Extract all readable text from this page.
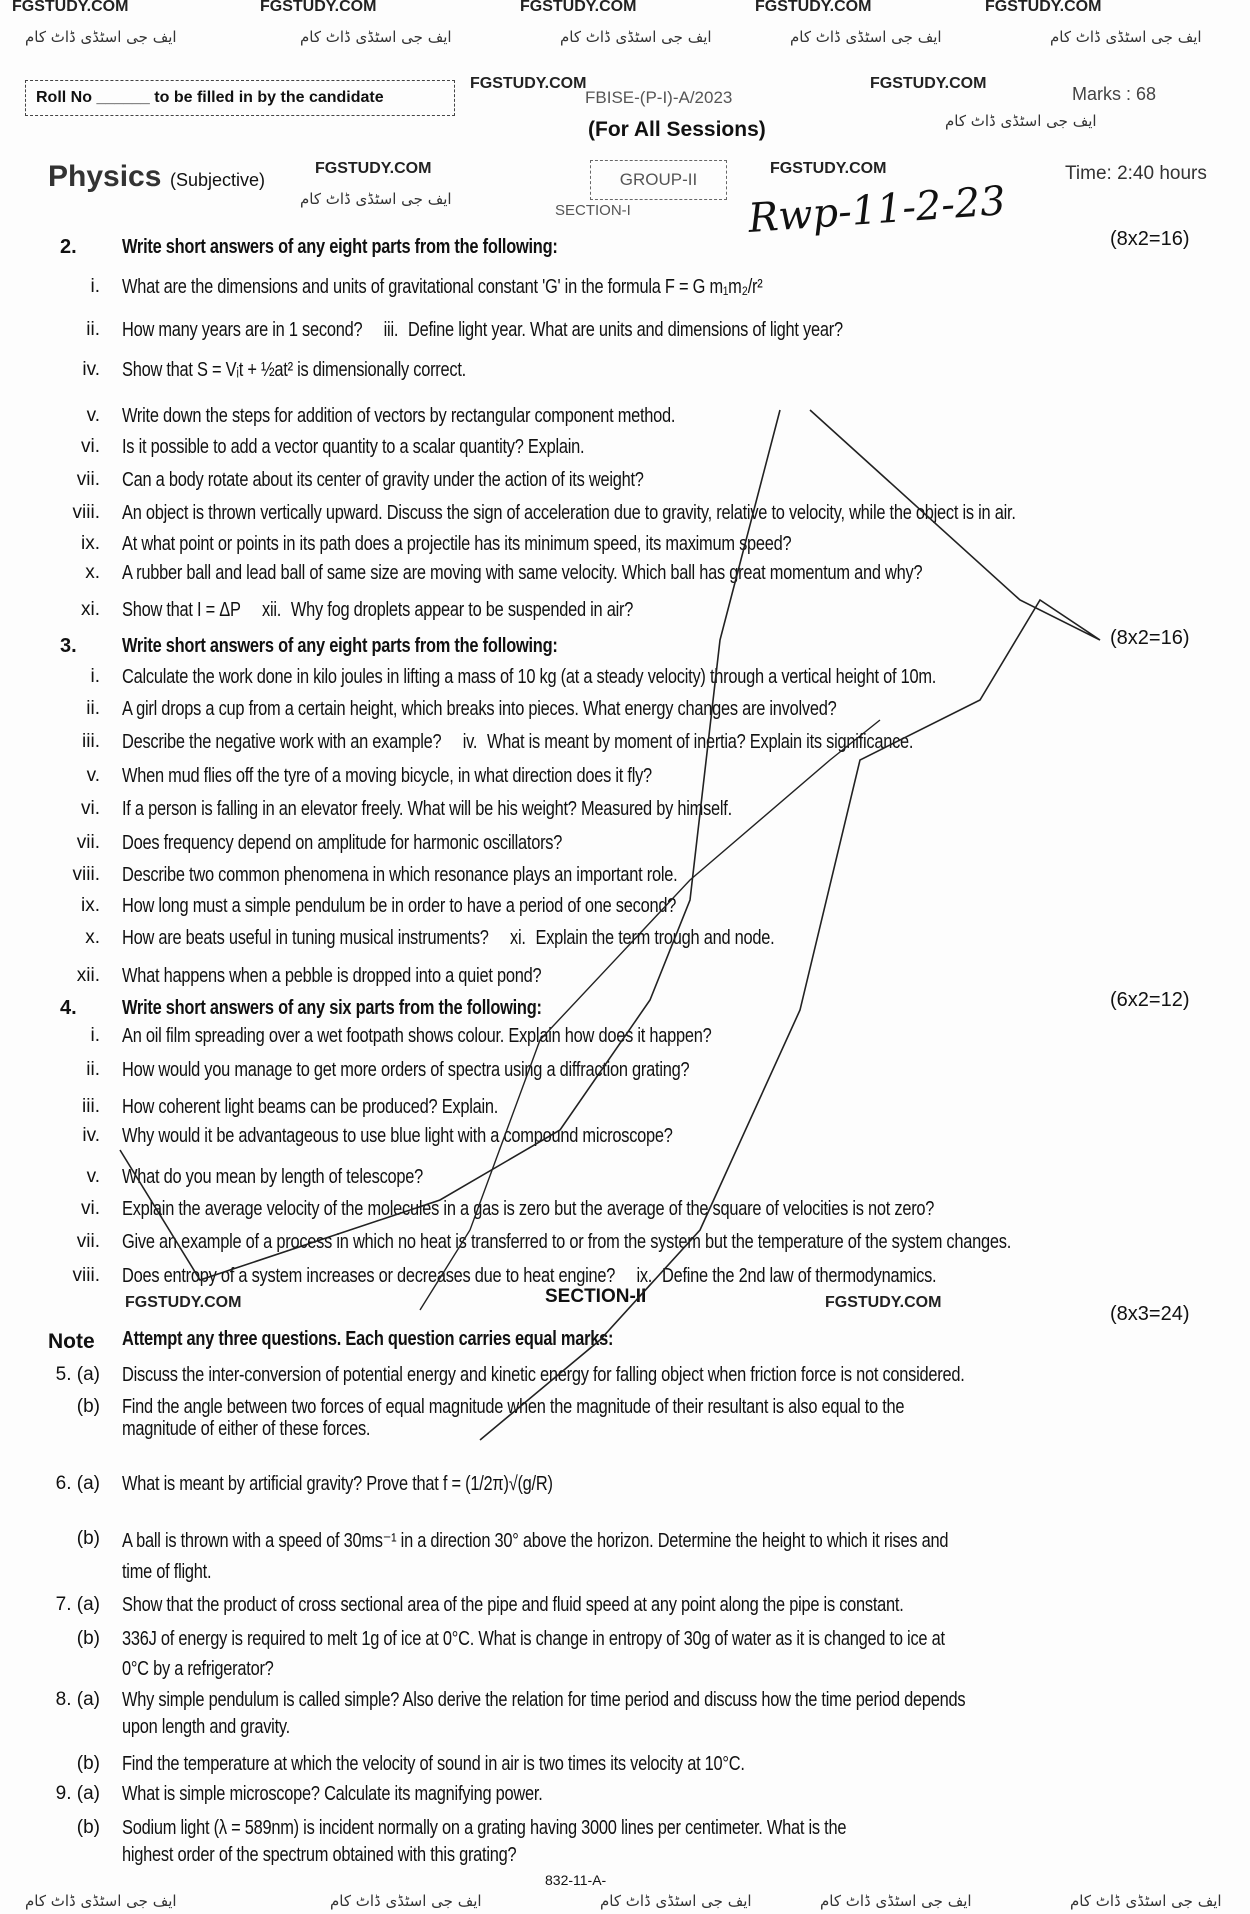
FGSTUDY.COM	FGSTUDY.COM	FGSTUDY.COM	FGSTUDY.COM	FGSTUDY.COM
ایف جی اسٹڈی ڈاٹ کام	ایف جی اسٹڈی ڈاٹ کام	ایف جی اسٹڈی ڈاٹ کام	ایف جی اسٹڈی ڈاٹ کام	ایف جی اسٹڈی ڈاٹ کام
Roll No ______ to be filled in by the candidate	FBISE-(P-I)-A/2023
(For All Sessions)
FGSTUDY.COM	FGSTUDY.COM
ایف جی اسٹڈی ڈاٹ کام
Marks : 68
Physics (Subjective)
FGSTUDY.COM
ایف جی اسٹڈی ڈاٹ کام
GROUP-II
FGSTUDY.COM	Time: 2:40 hours
SECTION-I	Rwp-11-2-23
2. Write short answers of any eight parts from the following:	(8x2=16)
i. What are the dimensions and units of gravitational constant 'G' in the formula F = G m₁m₂/r²
ii. How many years are in 1 second? iii. Define light year. What are units and dimensions of light year?
iv. Show that S = Vᵢt + ½at² is dimensionally correct.
v. Write down the steps for addition of vectors by rectangular component method.
vi. Is it possible to add a vector quantity to a scalar quantity? Explain.
vii. Can a body rotate about its center of gravity under the action of its weight?
viii. An object is thrown vertically upward. Discuss the sign of acceleration due to gravity, relative to velocity, while the object is in air.
ix. At what point or points in its path does a projectile has its minimum speed, its maximum speed?
x. A rubber ball and lead ball of same size are moving with same velocity. Which ball has great momentum and why?
xi. Show that I = ΔP xii. Why fog droplets appear to be suspended in air?
3. Write short answers of any eight parts from the following:	(8x2=16)
i. Calculate the work done in kilo joules in lifting a mass of 10 kg (at a steady velocity) through a vertical height of 10m.
ii. A girl drops a cup from a certain height, which breaks into pieces. What energy changes are involved?
iii. Describe the negative work with an example? iv. What is meant by moment of inertia? Explain its significance.
v. When mud flies off the tyre of a moving bicycle, in what direction does it fly?
vi. If a person is falling in an elevator freely. What will be his weight? Measured by himself.
vii. Does frequency depend on amplitude for harmonic oscillators?
viii. Describe two common phenomena in which resonance plays an important role.
ix. How long must a simple pendulum be in order to have a period of one second?
x. How are beats useful in tuning musical instruments? xi. Explain the term trough and node.
xii. What happens when a pebble is dropped into a quiet pond?
4. Write short answers of any six parts from the following:	(6x2=12)
i. An oil film spreading over a wet footpath shows colour. Explain how does it happen?
ii. How would you manage to get more orders of spectra using a diffraction grating?
iii. How coherent light beams can be produced? Explain.
iv. Why would it be advantageous to use blue light with a compound microscope?
v. What do you mean by length of telescope?
vi. Explain the average velocity of the molecules in a gas is zero but the average of the square of velocities is not zero?
vii. Give an example of a process in which no heat is transferred to or from the system but the temperature of the system changes.
viii. Does entropy of a system increases or decreases due to heat engine? ix. Define the 2nd law of thermodynamics.
FGSTUDY.COM	FGSTUDY.COM
SECTION-II
Note Attempt any three questions. Each question carries equal marks:
(8x3=24)
5. (a) Discuss the inter-conversion of potential energy and kinetic energy for falling object when friction force is not considered.
(b) Find the angle between two forces of equal magnitude when the magnitude of their resultant is also equal to the
magnitude of either of these forces.
6. (a) What is meant by artificial gravity? Prove that f = (1/2π)√(g/R)
(b) A ball is thrown with a speed of 30ms⁻¹ in a direction 30° above the horizon. Determine the height to which it rises and
time of flight.
7. (a) Show that the product of cross sectional area of the pipe and fluid speed at any point along the pipe is constant.
(b) 336J of energy is required to melt 1g of ice at 0°C. What is change in entropy of 30g of water as it is changed to ice at
0°C by a refrigerator?
8. (a) Why simple pendulum is called simple? Also derive the relation for time period and discuss how the time period depends
upon length and gravity.
(b) Find the temperature at which the velocity of sound in air is two times its velocity at 10°C.
9. (a) What is simple microscope? Calculate its magnifying power.
(b) Sodium light (λ = 589nm) is incident normally on a grating having 3000 lines per centimeter. What is the
highest order of the spectrum obtained with this grating?
832-11-A-
ایف جی اسٹڈی ڈاٹ کام	ایف جی اسٹڈی ڈاٹ کام	ایف جی اسٹڈی ڈاٹ کام	ایف جی اسٹڈی ڈاٹ کام	ایف جی اسٹڈی ڈاٹ کام
